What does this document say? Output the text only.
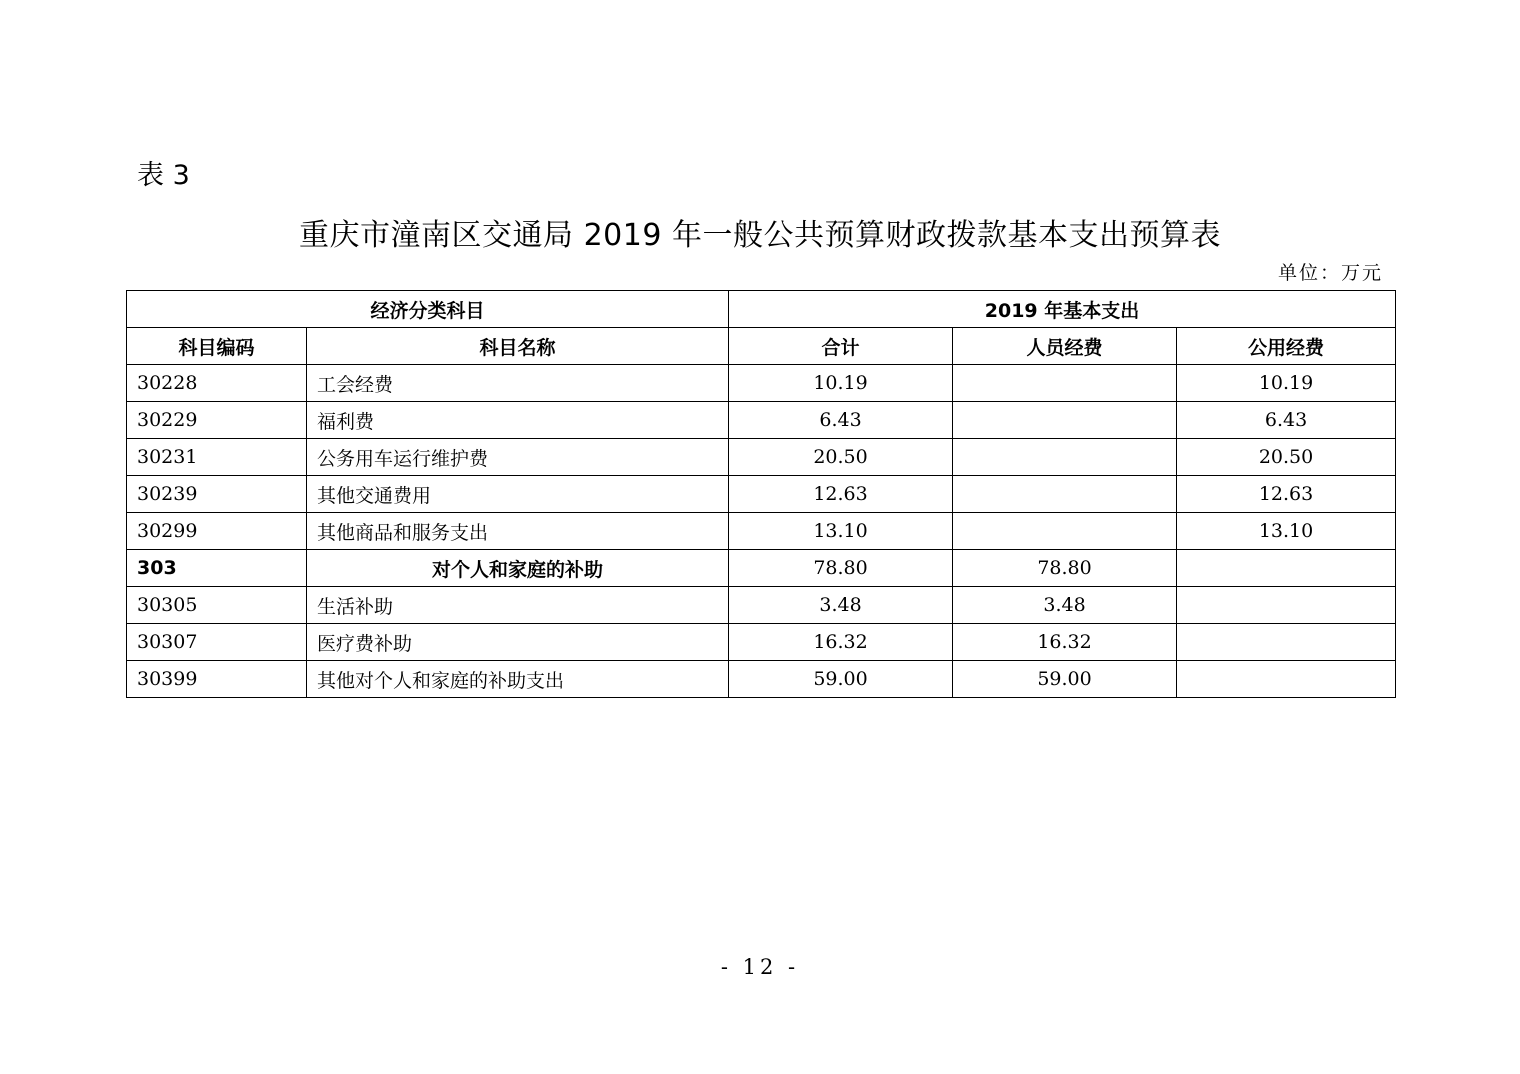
表 3
重庆市潼南区交通局 2019 年一般公共预算财政拨款基本支出预算表
单位：万元
经济分类科目		2019 年基本支出		
科目编码	科目名称	合计	人员经费	公用经费
30228	工会经费	10.19		10.19
30229	福利费	6.43		6.43
30231	公务用车运行维护费	20.50		20.50
30239	其他交通费用	12.63		12.63
30299	其他商品和服务支出	13.10		13.10
303	对个人和家庭的补助	78.80	78.80	
30305	生活补助	3.48	3.48	
30307	医疗费补助	16.32	16.32	
30399	其他对个人和家庭的补助支出	59.00	59.00	
- 12 -
